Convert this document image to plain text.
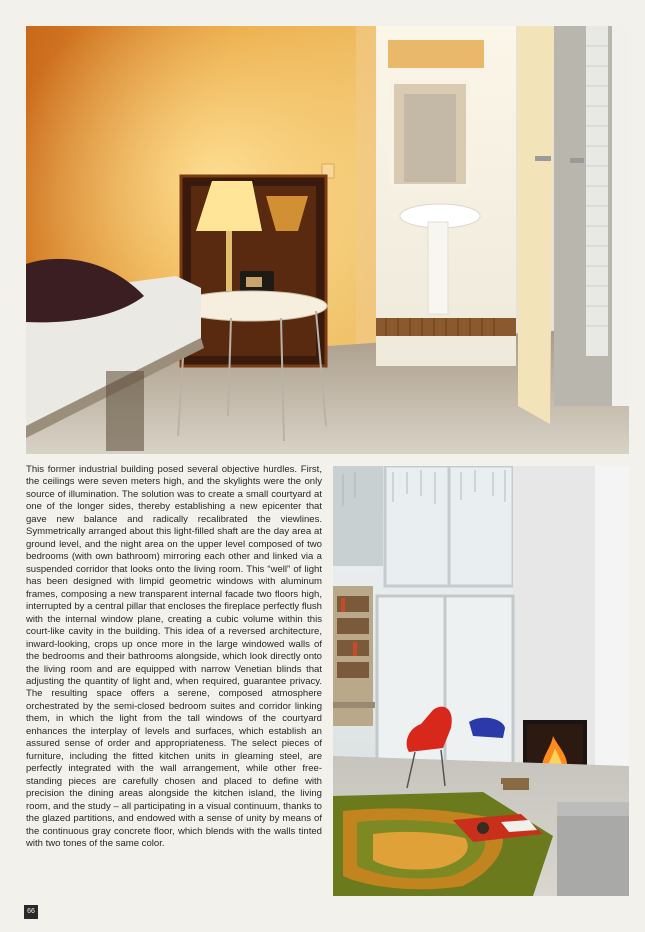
This former industrial building posed several objective hurdles. First, the ceilings were seven meters high, and the skylights were the only source of illumination. The solution was to create a small courtyard at one of the longer sides, thereby establishing a new epicenter that gave new balance and radically recalibrated the viewlines. Symmetrically arranged about this light-filled shaft are the day area at ground level, and the night area on the upper level composed of two bedrooms (with own bathroom) mirroring each other and linked via a suspended corridor that looks onto the living room. This “well” of light has been designed with limpid geometric windows with aluminum frames, composing a new transparent internal facade two floors high, interrupted by a central pillar that encloses the fireplace perfectly flush with the internal window plane, creating a cubic volume within this court-like cavity in the building. This idea of a reversed architecture, inward-looking, crops up once more in the large windowed walls of the bedrooms and their bathrooms alongside, which look directly onto the living room and are equipped with narrow Venetian blinds that adjusting the quantity of light and, when required, guarantee privacy. The resulting space offers a serene, composed atmosphere orchestrated by the semi-closed bedroom suites and corridor linking them, in which the light from the tall windows of the courtyard enhances the interplay of levels and surfaces, which establish an assured sense of order and appropriateness. The select pieces of furniture, including the fitted kitchen units in gleaming steel, are perfectly integrated with the wall arrangement, while other free-standing pieces are carefully chosen and placed to define with precision the dining areas alongside the kitchen island, the living room, and the study – all participating in a visual continuum, thanks to the glazed partitions, and endowed with a sense of unity by means of the continuous gray concrete floor, which blends with the walls tinted with two tones of the same color.

66
